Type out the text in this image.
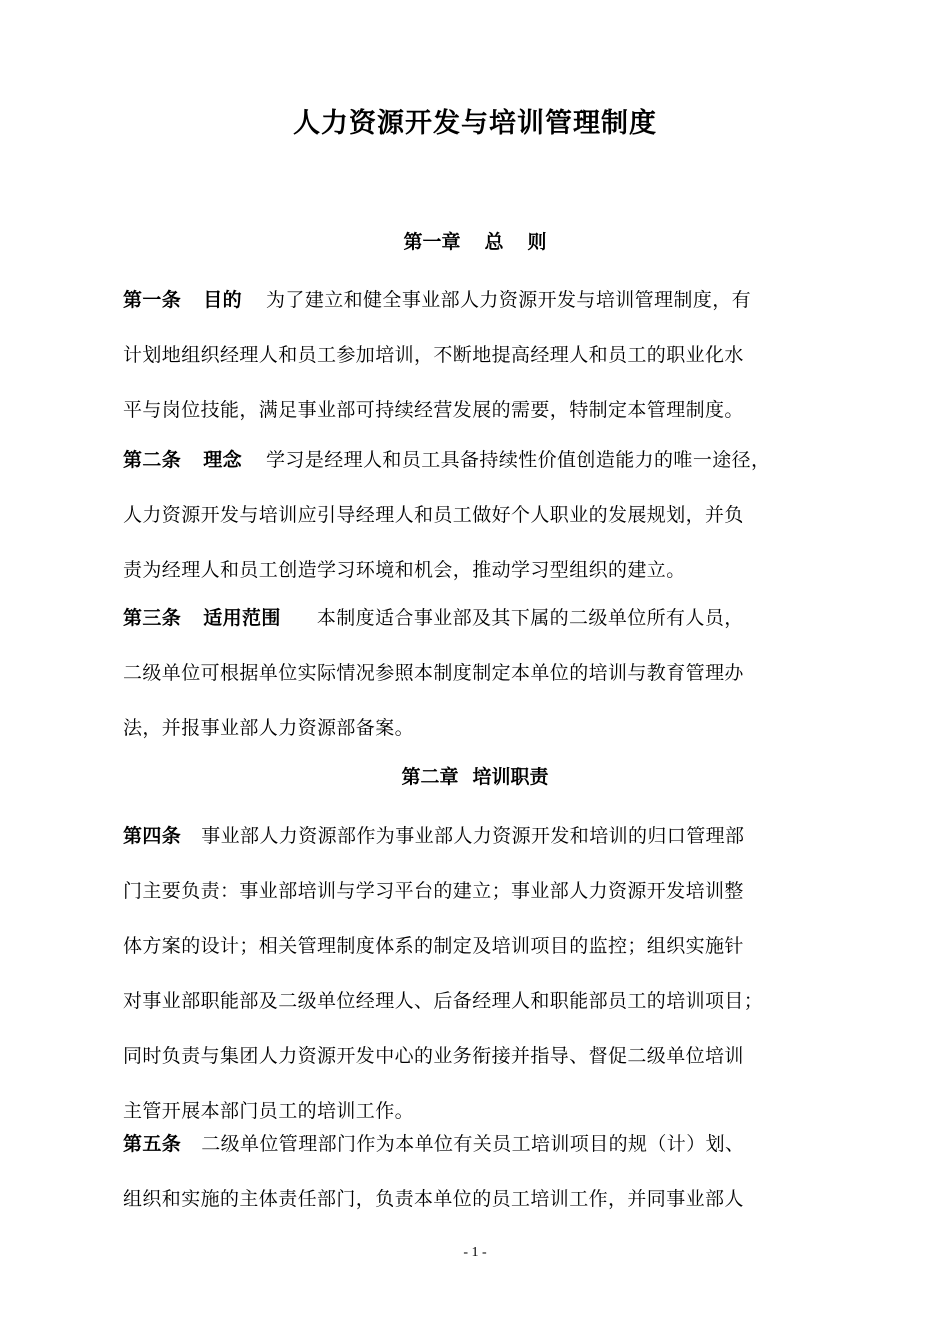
人力资源开发与培训管理制度
第一章 总 则
第一条 目的 为了建立和健全事业部人力资源开发与培训管理制度，有
计划地组织经理人和员工参加培训，不断地提高经理人和员工的职业化水
平与岗位技能，满足事业部可持续经营发展的需要，特制定本管理制度。
第二条 理念 学习是经理人和员工具备持续性价值创造能力的唯一途径，
人力资源开发与培训应引导经理人和员工做好个人职业的发展规划，并负
责为经理人和员工创造学习环境和机会，推动学习型组织的建立。
第三条 适用范围 本制度适合事业部及其下属的二级单位所有人员，
二级单位可根据单位实际情况参照本制度制定本单位的培训与教育管理办
法，并报事业部人力资源部备案。
第二章 培训职责
第四条 事业部人力资源部作为事业部人力资源开发和培训的归口管理部
门主要负责：事业部培训与学习平台的建立；事业部人力资源开发培训整
体方案的设计；相关管理制度体系的制定及培训项目的监控；组织实施针
对事业部职能部及二级单位经理人、后备经理人和职能部员工的培训项目；
同时负责与集团人力资源开发中心的业务衔接并指导、督促二级单位培训
主管开展本部门员工的培训工作。
第五条 二级单位管理部门作为本单位有关员工培训项目的规（计）划、
组织和实施的主体责任部门，负责本单位的员工培训工作，并同事业部人
- 1 -
